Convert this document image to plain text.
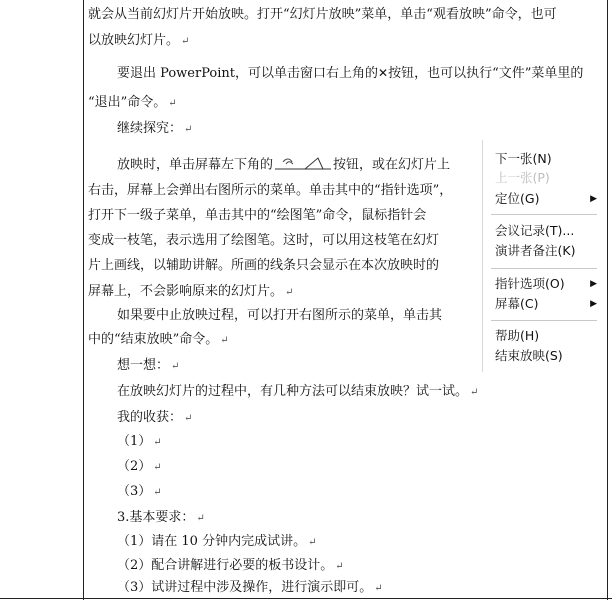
就会从当前幻灯片开始放映。打开“幻灯片放映”菜单，单击“观看放映”命令，也可
以放映幻灯片。 ↵
要退出 PowerPoint，可以单击窗口右上角的✕按钮，也可以执行“文件”菜单里的
“退出”命令。 ↵
继续探究： ↵
放映时，单击屏幕左下角的	按钮，或在幻灯片上
右击，屏幕上会弹出右图所示的菜单。单击其中的“指针选项”，
打开下一级子菜单，单击其中的“绘图笔”命令，鼠标指针会
变成一枝笔，表示选用了绘图笔。这时，可以用这枝笔在幻灯
片上画线，以辅助讲解。所画的线条只会显示在本次放映时的
屏幕上，不会影响原来的幻灯片。 ↵
如果要中止放映过程，可以打开右图所示的菜单，单击其
中的“结束放映”命令。 ↵
想一想： ↵
在放映幻灯片的过程中，有几种方法可以结束放映？试一试。 ↵
我的收获： ↵
（1） ↵
（2） ↵
（3） ↵
3.基本要求： ↵
（1）请在 10 分钟内完成试讲。 ↵
（2）配合讲解进行必要的板书设计。 ↵
（3）试讲过程中涉及操作，进行演示即可。 ↵
下一张(N)
上一张(P)
定位(G)	▶
会议记录(T)...
演讲者备注(K)
指针选项(O)	▶
屏幕(C)	▶
帮助(H)
结束放映(S)
